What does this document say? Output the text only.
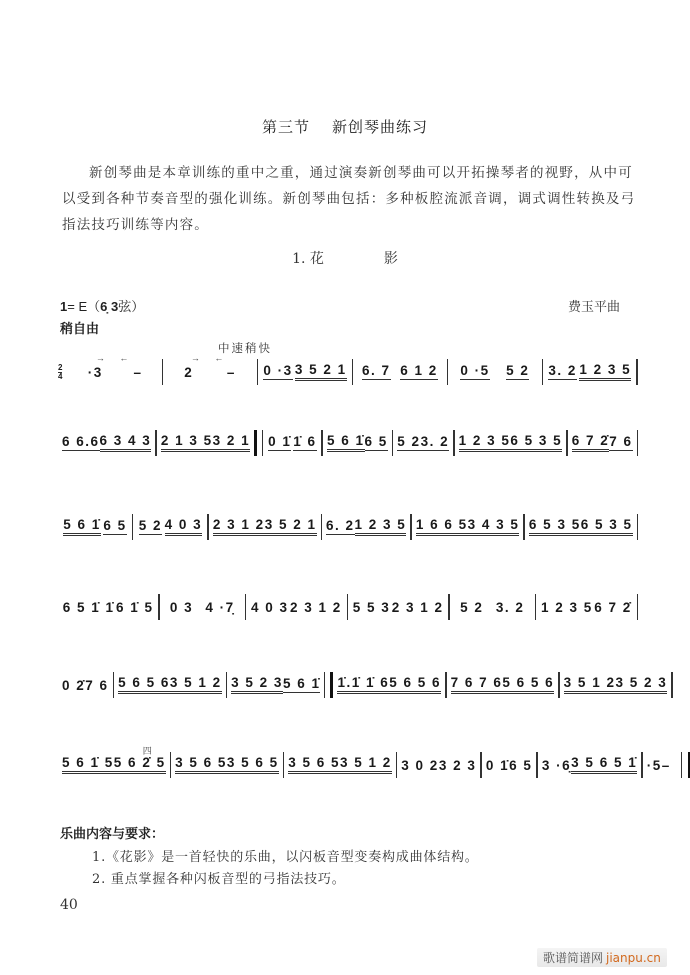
第三节 新创琴曲练习

新创琴曲是本章训练的重中之重，通过演奏新创琴曲可以开拓操琴者的视野，从中可以受到各种节奏音型的强化训练。新创琴曲包括：多种板腔流派音调，调式调性转换及弓指法技巧训练等内容。

1. 花	影
1= E（6̣ 3弦）	费玉平曲
稍自由
中速稍快
2
4
→ ←
·3 –
→ ←
2 – 0 ·3 3 5 2 1 6. 7 6 1 2 0 ·5 5 2 3. 2 1 2 3 5
6 6.6 6 3 4 3 2 1 3 5 3 2 1 0 1̇ 1̇ 6 5 6 1̇ 6 5 5 2 3. 2 1 2 3 5 6 5 3 5 6 7 2̇ 7 6
5 6 1̇ 6 5 5 2 4 0 3 2 3 1 2 3 5 2 1 6. 2 1 2 3 5 1 6 6 5 3 4 3 5 6 5 3 5 6 5 3 5
6 5 1̇ 1̇ 6 1̇ 5 0 3 4 ·7̣ 4 0 3 2 3 1 2 5 5 3 2 3 1 2 5 2 3. 2 1 2 3 5 6 7 2̇
0 2̇ 7 6 5 6 5 6 3 5 1 2 3 5 2 3 5 6 1̇ 1̇.1̇ 1̇ 6 5 6 5 6 7 6 7 6 5 6 5 6 3 5 1 2 3 5 2 3
四
5 6 1̇ 5 5 6 2̇ 5 3 5 6 5 3 5 6 5 3 5 6 5 3 5 1 2 3 0 2 3 2 3 0 1̇ 6 5 3 ·6̣ 3 5 6 5 1̇ ·5 –
乐曲内容与要求：
1.《花影》是一首轻快的乐曲，以闪板音型变奏构成曲体结构。
2. 重点掌握各种闪板音型的弓指法技巧。
40
歌谱简谱网 jianpu.cn
